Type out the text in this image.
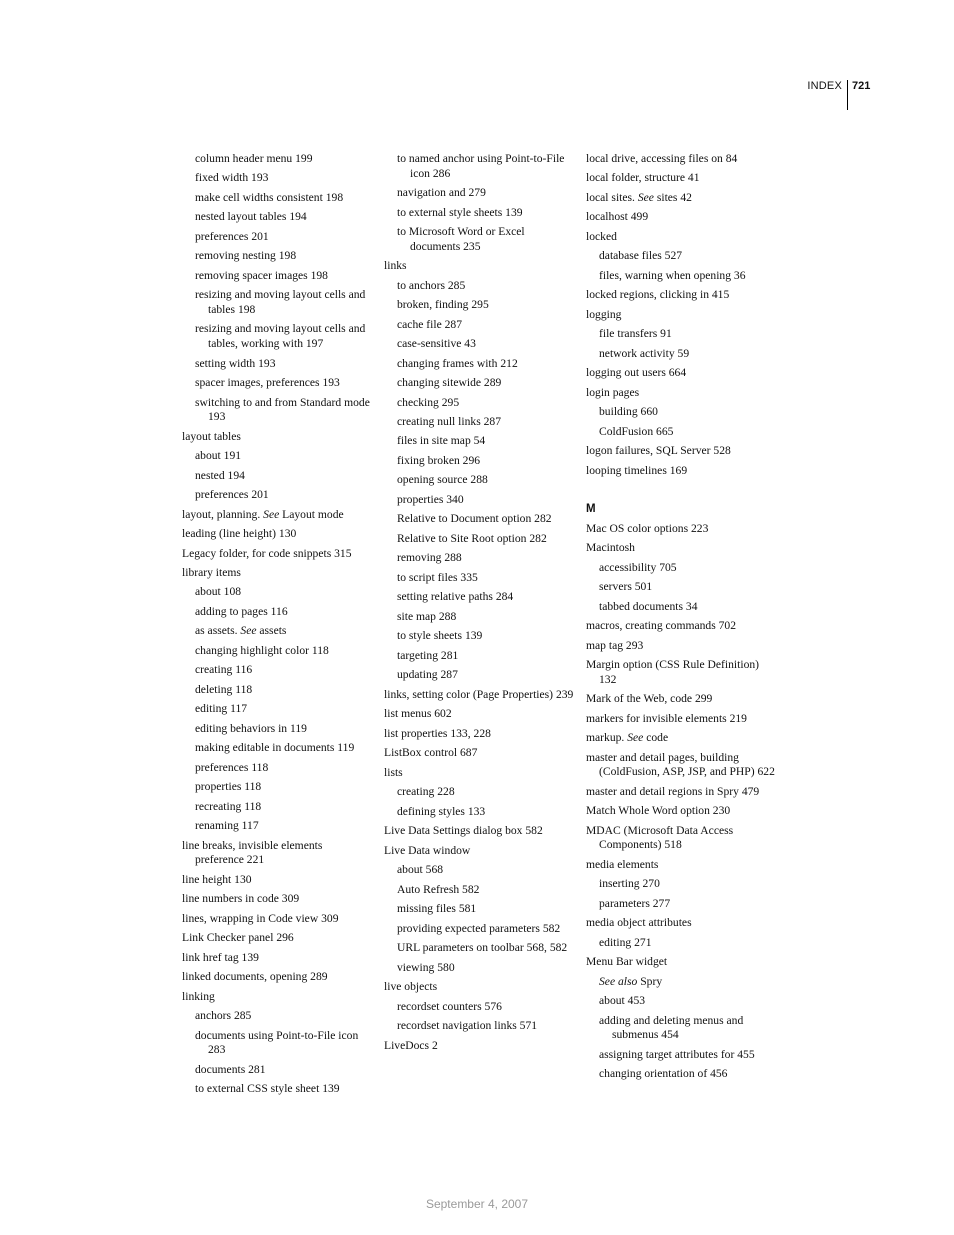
INDEX 721
column header menu 199
fixed width 193
make cell widths consistent 198
nested layout tables 194
preferences 201
removing nesting 198
removing spacer images 198
resizing and moving layout cells and tables 198
resizing and moving layout cells and tables, working with 197
setting width 193
spacer images, preferences 193
switching to and from Standard mode 193
layout tables
about 191
nested 194
preferences 201
layout, planning. See Layout mode
leading (line height) 130
Legacy folder, for code snippets 315
library items
about 108
adding to pages 116
as assets. See assets
changing highlight color 118
creating 116
deleting 118
editing 117
editing behaviors in 119
making editable in documents 119
preferences 118
properties 118
recreating 118
renaming 117
line breaks, invisible elements preference 221
line height 130
line numbers in code 309
lines, wrapping in Code view 309
Link Checker panel 296
link href tag 139
linked documents, opening 289
linking
anchors 285
documents using Point-to-File icon 283
documents 281
to external CSS style sheet 139
to named anchor using Point-to-File icon 286
navigation and 279
to external style sheets 139
to Microsoft Word or Excel documents 235
links
to anchors 285
broken, finding 295
cache file 287
case-sensitive 43
changing frames with 212
changing sitewide 289
checking 295
creating null links 287
files in site map 54
fixing broken 296
opening source 288
properties 340
Relative to Document option 282
Relative to Site Root option 282
removing 288
to script files 335
setting relative paths 284
site map 288
to style sheets 139
targeting 281
updating 287
links, setting color (Page Properties) 239
list menus 602
list properties 133, 228
ListBox control 687
lists
creating 228
defining styles 133
Live Data Settings dialog box 582
Live Data window
about 568
Auto Refresh 582
missing files 581
providing expected parameters 582
URL parameters on toolbar 568, 582
viewing 580
live objects
recordset counters 576
recordset navigation links 571
LiveDocs 2
local drive, accessing files on 84
local folder, structure 41
local sites. See sites 42
localhost 499
locked
database files 527
files, warning when opening 36
locked regions, clicking in 415
logging
file transfers 91
network activity 59
logging out users 664
login pages
building 660
ColdFusion 665
logon failures, SQL Server 528
looping timelines 169
M
Mac OS color options 223
Macintosh
accessibility 705
servers 501
tabbed documents 34
macros, creating commands 702
map tag 293
Margin option (CSS Rule Definition) 132
Mark of the Web, code 299
markers for invisible elements 219
markup. See code
master and detail pages, building (ColdFusion, ASP, JSP, and PHP) 622
master and detail regions in Spry 479
Match Whole Word option 230
MDAC (Microsoft Data Access Components) 518
media elements
inserting 270
parameters 277
media object attributes
editing 271
Menu Bar widget
See also Spry
about 453
adding and deleting menus and submenus 454
assigning target attributes for 455
changing orientation of 456
September 4, 2007
